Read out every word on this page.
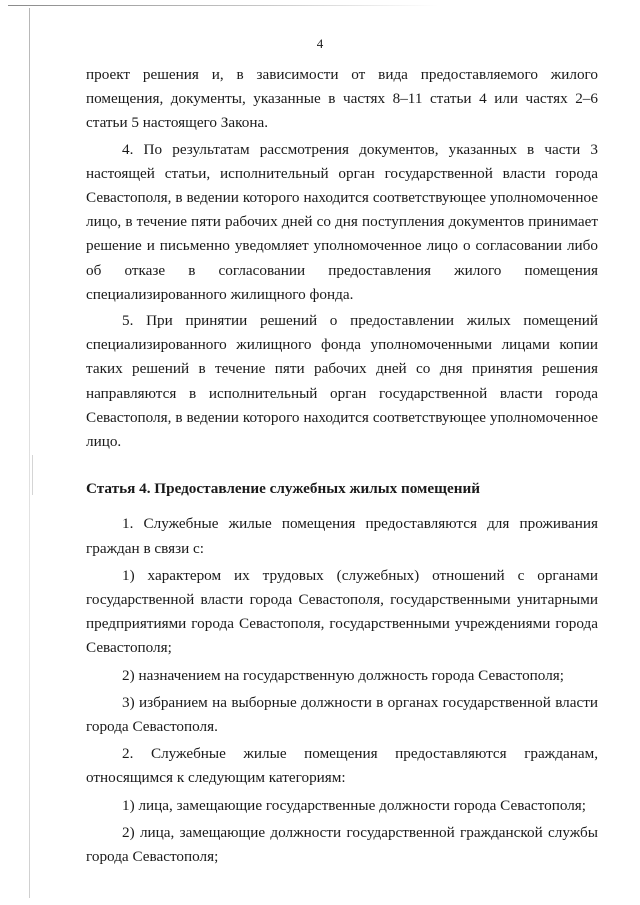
4

проект решения и, в зависимости от вида предоставляемого жилого помещения, документы, указанные в частях 8–11 статьи 4 или частях 2–6 статьи 5 настоящего Закона.

4. По результатам рассмотрения документов, указанных в части 3 настоящей статьи, исполнительный орган государственной власти города Севастополя, в ведении которого находится соответствующее уполномоченное лицо, в течение пяти рабочих дней со дня поступления документов принимает решение и письменно уведомляет уполномоченное лицо о согласовании либо об отказе в согласовании предоставления жилого помещения специализированного жилищного фонда.

5. При принятии решений о предоставлении жилых помещений специализированного жилищного фонда уполномоченными лицами копии таких решений в течение пяти рабочих дней со дня принятия решения направляются в исполнительный орган государственной власти города Севастополя, в ведении которого находится соответствующее уполномоченное лицо.

Статья 4. Предоставление служебных жилых помещений

1. Служебные жилые помещения предоставляются для проживания граждан в связи с:

1) характером их трудовых (служебных) отношений с органами государственной власти города Севастополя, государственными унитарными предприятиями города Севастополя, государственными учреждениями города Севастополя;

2) назначением на государственную должность города Севастополя;

3) избранием на выборные должности в органах государственной власти города Севастополя.

2. Служебные жилые помещения предоставляются гражданам, относящимся к следующим категориям:

1) лица, замещающие государственные должности города Севастополя;

2) лица, замещающие должности государственной гражданской службы города Севастополя;
